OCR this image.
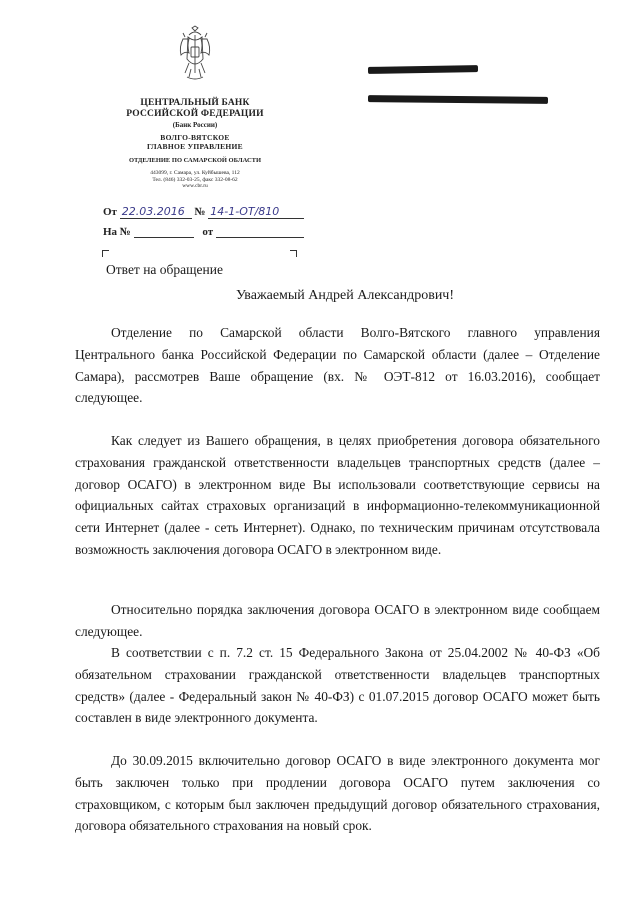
ЦЕНТРАЛЬНЫЙ БАНК
РОССИЙСКОЙ ФЕДЕРАЦИИ
(Банк России)
ВОЛГО-ВЯТСКОЕ
ГЛАВНОЕ УПРАВЛЕНИЕ
ОТДЕЛЕНИЕ ПО САМАРСКОЙ ОБЛАСТИ
443099, г. Самара, ул. Куйбышева, 112
Тел. (846) 332-03-25, факс 332-08-62
www.cbr.ru
От 22.03.2016 № 14-1-ОТ/810
На №	от
Ответ на обращение
Уважаемый Андрей Александрович!

Отделение по Самарской области Волго-Вятского главного управления Центрального банка Российской Федерации по Самарской области (далее – Отделение Самара), рассмотрев Ваше обращение (вх. № ОЭТ-812 от 16.03.2016), сообщает следующее.

Как следует из Вашего обращения, в целях приобретения договора обязательного страхования гражданской ответственности владельцев транспортных средств (далее – договор ОСАГО) в электронном виде Вы использовали соответствующие сервисы на официальных сайтах страховых организаций в информационно-телекоммуникационной сети Интернет (далее - сеть Интернет). Однако, по техническим причинам отсутствовала возможность заключения договора ОСАГО в электронном виде.

Относительно порядка заключения договора ОСАГО в электронном виде сообщаем следующее.

В соответствии с п. 7.2 ст. 15 Федерального Закона от 25.04.2002 № 40-ФЗ «Об обязательном страховании гражданской ответственности владельцев транспортных средств» (далее - Федеральный закон № 40-ФЗ) с 01.07.2015 договор ОСАГО может быть составлен в виде электронного документа.

До 30.09.2015 включительно договор ОСАГО в виде электронного документа мог быть заключен только при продлении договора ОСАГО путем заключения со страховщиком, с которым был заключен предыдущий договор обязательного страхования, договора обязательного страхования на новый срок.
